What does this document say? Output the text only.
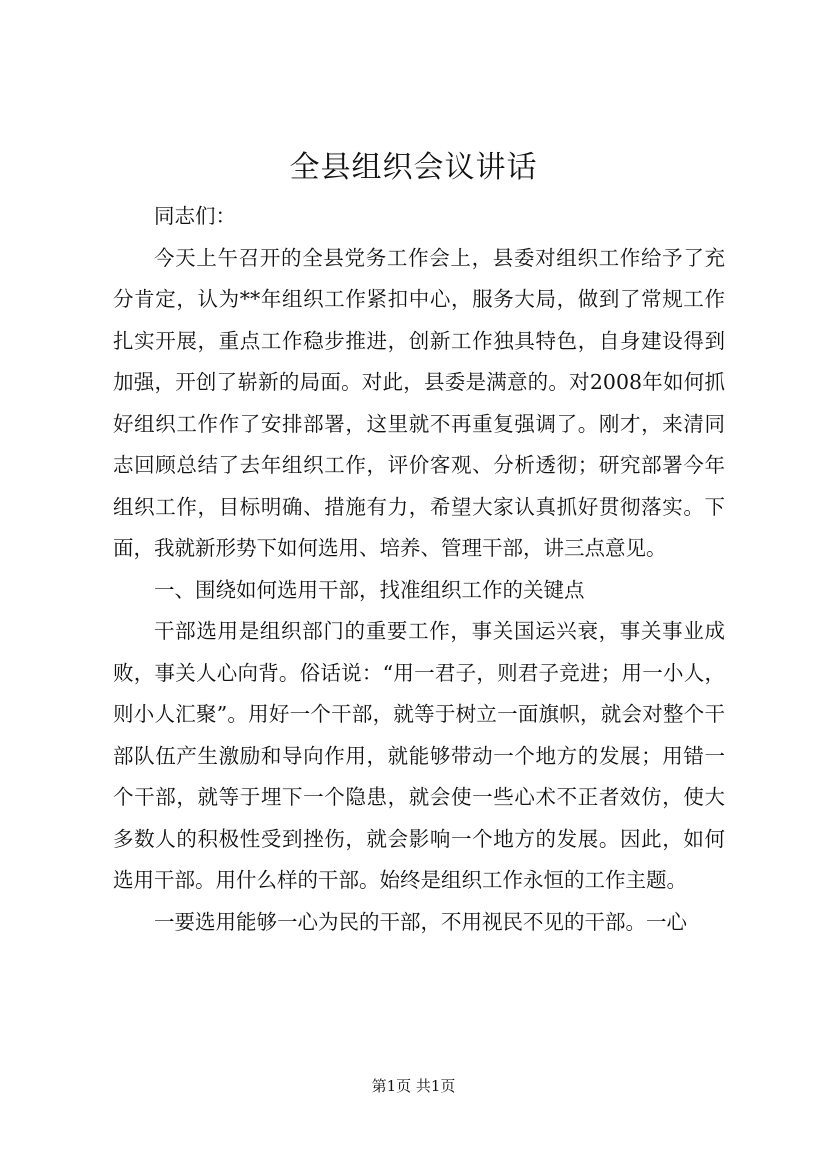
全县组织会议讲话

同志们：

今天上午召开的全县党务工作会上，县委对组织工作给予了充分肯定，认为**年组织工作紧扣中心，服务大局，做到了常规工作扎实开展，重点工作稳步推进，创新工作独具特色，自身建设得到加强，开创了崭新的局面。对此，县委是满意的。对2008年如何抓好组织工作作了安排部署，这里就不再重复强调了。刚才，来清同志回顾总结了去年组织工作，评价客观、分析透彻；研究部署今年组织工作，目标明确、措施有力，希望大家认真抓好贯彻落实。下面，我就新形势下如何选用、培养、管理干部，讲三点意见。

一、围绕如何选用干部，找准组织工作的关键点

干部选用是组织部门的重要工作，事关国运兴衰，事关事业成败，事关人心向背。俗话说：“用一君子，则君子竞进；用一小人，则小人汇聚”。用好一个干部，就等于树立一面旗帜，就会对整个干部队伍产生激励和导向作用，就能够带动一个地方的发展；用错一个干部，就等于埋下一个隐患，就会使一些心术不正者效仿，使大多数人的积极性受到挫伤，就会影响一个地方的发展。因此，如何选用干部。用什么样的干部。始终是组织工作永恒的工作主题。

一要选用能够一心为民的干部，不用视民不见的干部。一心

第1页 共1页
